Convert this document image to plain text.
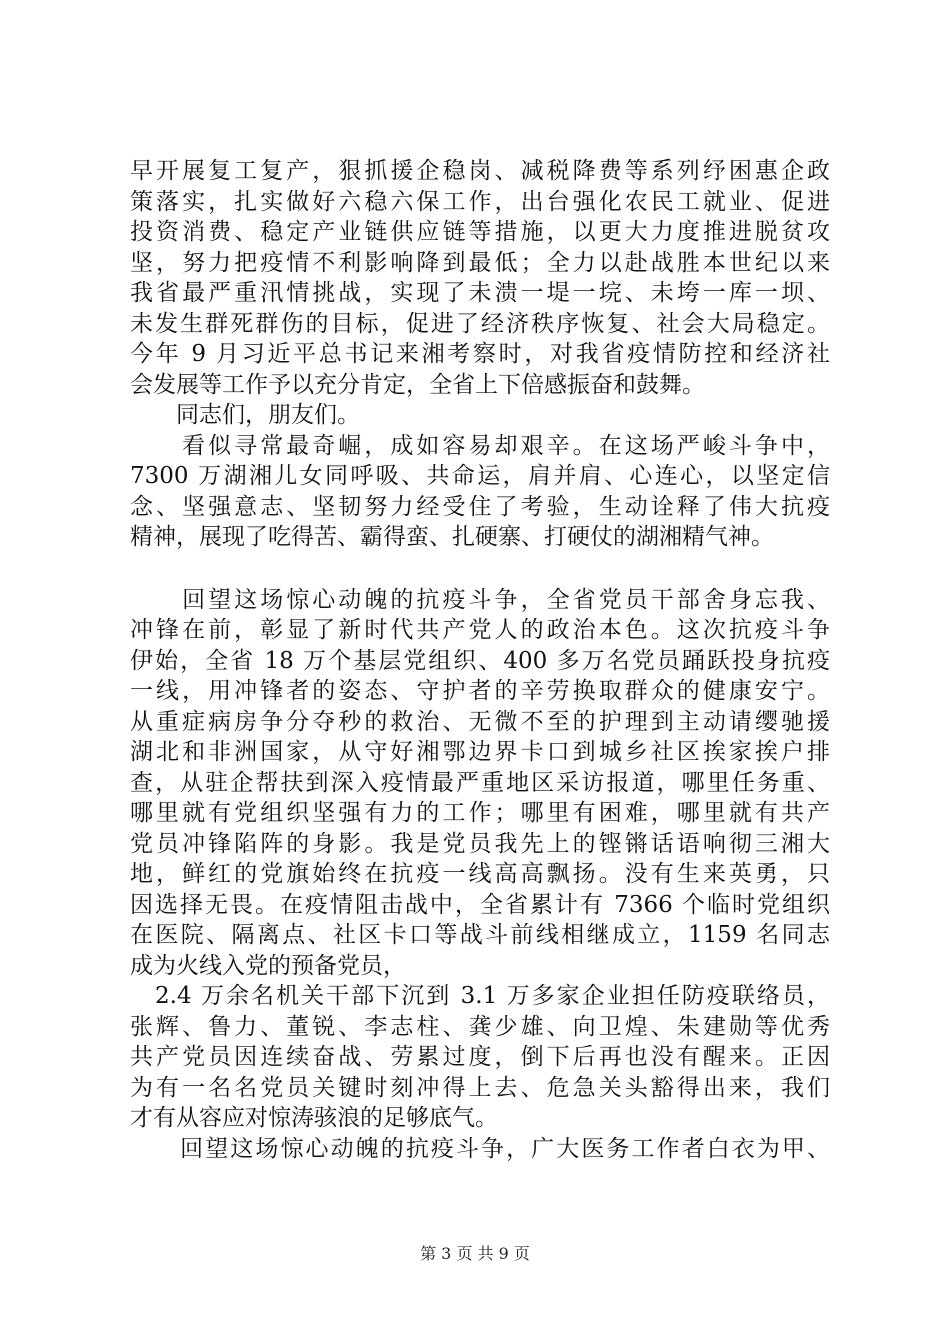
早开展复工复产，狠抓援企稳岗、减税降费等系列纾困惠企政
策落实，扎实做好六稳六保工作，出台强化农民工就业、促进
投资消费、稳定产业链供应链等措施，以更大力度推进脱贫攻
坚，努力把疫情不利影响降到最低；全力以赴战胜本世纪以来
我省最严重汛情挑战，实现了未溃一堤一垸、未垮一库一坝、
未发生群死群伤的目标，促进了经济秩序恢复、社会大局稳定。
今年 9 月习近平总书记来湘考察时，对我省疫情防控和经济社
会发展等工作予以充分肯定，全省上下倍感振奋和鼓舞。
　　同志们，朋友们。
　　看似寻常最奇崛，成如容易却艰辛。在这场严峻斗争中，
7300 万湖湘儿女同呼吸、共命运，肩并肩、心连心，以坚定信
念、坚强意志、坚韧努力经受住了考验，生动诠释了伟大抗疫
精神，展现了吃得苦、霸得蛮、扎硬寨、打硬仗的湖湘精气神。
　　回望这场惊心动魄的抗疫斗争，全省党员干部舍身忘我、
冲锋在前，彰显了新时代共产党人的政治本色。这次抗疫斗争
伊始，全省 18 万个基层党组织、400 多万名党员踊跃投身抗疫
一线，用冲锋者的姿态、守护者的辛劳换取群众的健康安宁。
从重症病房争分夺秒的救治、无微不至的护理到主动请缨驰援
湖北和非洲国家，从守好湘鄂边界卡口到城乡社区挨家挨户排
查，从驻企帮扶到深入疫情最严重地区采访报道，哪里任务重、
哪里就有党组织坚强有力的工作；哪里有困难，哪里就有共产
党员冲锋陷阵的身影。我是党员我先上的铿锵话语响彻三湘大
地，鲜红的党旗始终在抗疫一线高高飘扬。没有生来英勇，只
因选择无畏。在疫情阻击战中，全省累计有 7366 个临时党组织
在医院、隔离点、社区卡口等战斗前线相继成立，1159 名同志
成为火线入党的预备党员，
　2.4 万余名机关干部下沉到 3.1 万多家企业担任防疫联络员，
张辉、鲁力、董锐、李志柱、龚少雄、向卫煌、朱建勋等优秀
共产党员因连续奋战、劳累过度，倒下后再也没有醒来。正因
为有一名名党员关键时刻冲得上去、危急关头豁得出来，我们
才有从容应对惊涛骇浪的足够底气。
　　回望这场惊心动魄的抗疫斗争，广大医务工作者白衣为甲、
第 3 页 共 9 页
